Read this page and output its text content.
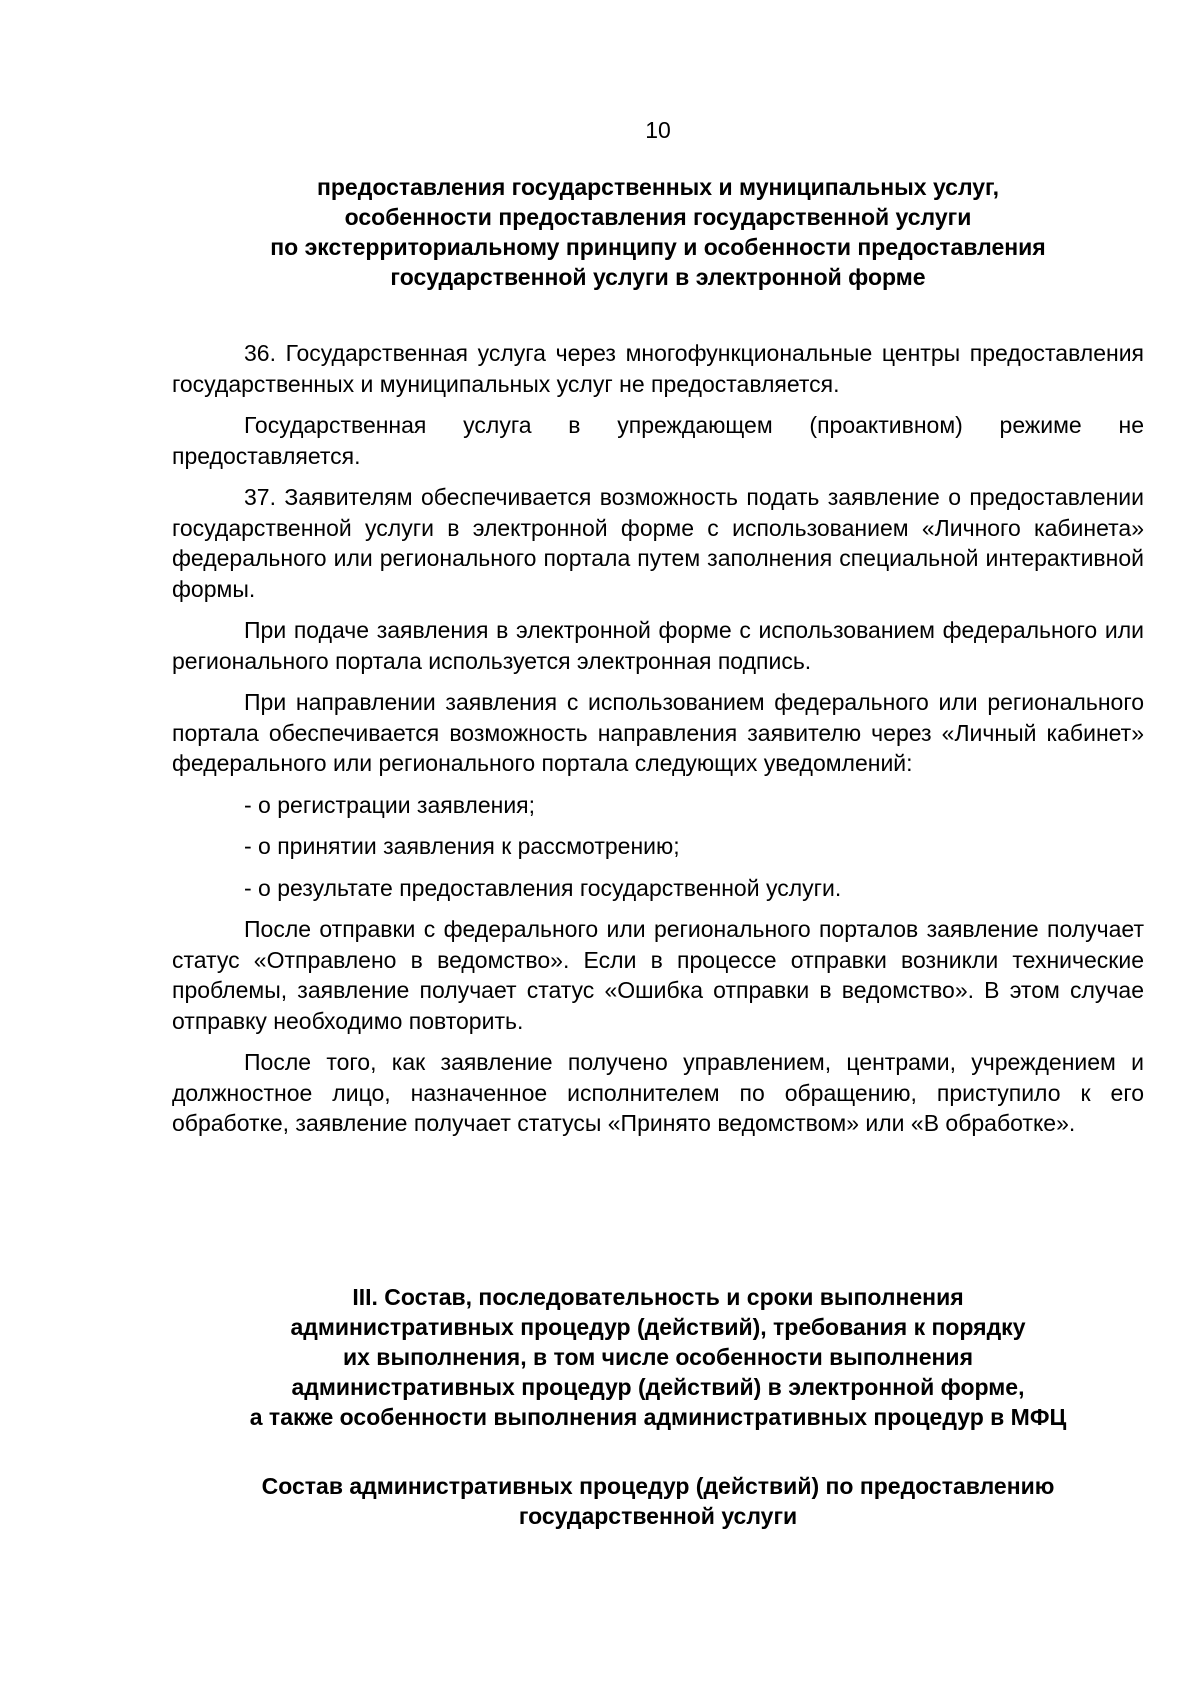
10
предоставления государственных и муниципальных услуг,
особенности предоставления государственной услуги
по экстерриториальному принципу и особенности предоставления
государственной услуги в электронной форме

36. Государственная услуга через многофункциональные центры предоставления государственных и муниципальных услуг не предоставляется.

Государственная услуга в упреждающем (проактивном) режиме не предоставляется.

37. Заявителям обеспечивается возможность подать заявление о предоставлении государственной услуги в электронной форме с использованием «Личного кабинета» федерального или регионального портала путем заполнения специальной интерактивной формы.

При подаче заявления в электронной форме с использованием федерального или регионального портала используется электронная подпись.

При направлении заявления с использованием федерального или регионального портала обеспечивается возможность направления заявителю через «Личный кабинет» федерального или регионального портала следующих уведомлений:

- о регистрации заявления;
- о принятии заявления к рассмотрению;
- о результате предоставления государственной услуги.

После отправки с федерального или регионального порталов заявление получает статус «Отправлено в ведомство». Если в процессе отправки возникли технические проблемы, заявление получает статус «Ошибка отправки в ведомство». В этом случае отправку необходимо повторить.

После того, как заявление получено управлением, центрами, учреждением и должностное лицо, назначенное исполнителем по обращению, приступило к его обработке, заявление получает статусы «Принято ведомством» или «В обработке».

III. Состав, последовательность и сроки выполнения
административных процедур (действий), требования к порядку
их выполнения, в том числе особенности выполнения
административных процедур (действий) в электронной форме,
а также особенности выполнения административных процедур в МФЦ
Состав административных процедур (действий) по предоставлению
государственной услуги
